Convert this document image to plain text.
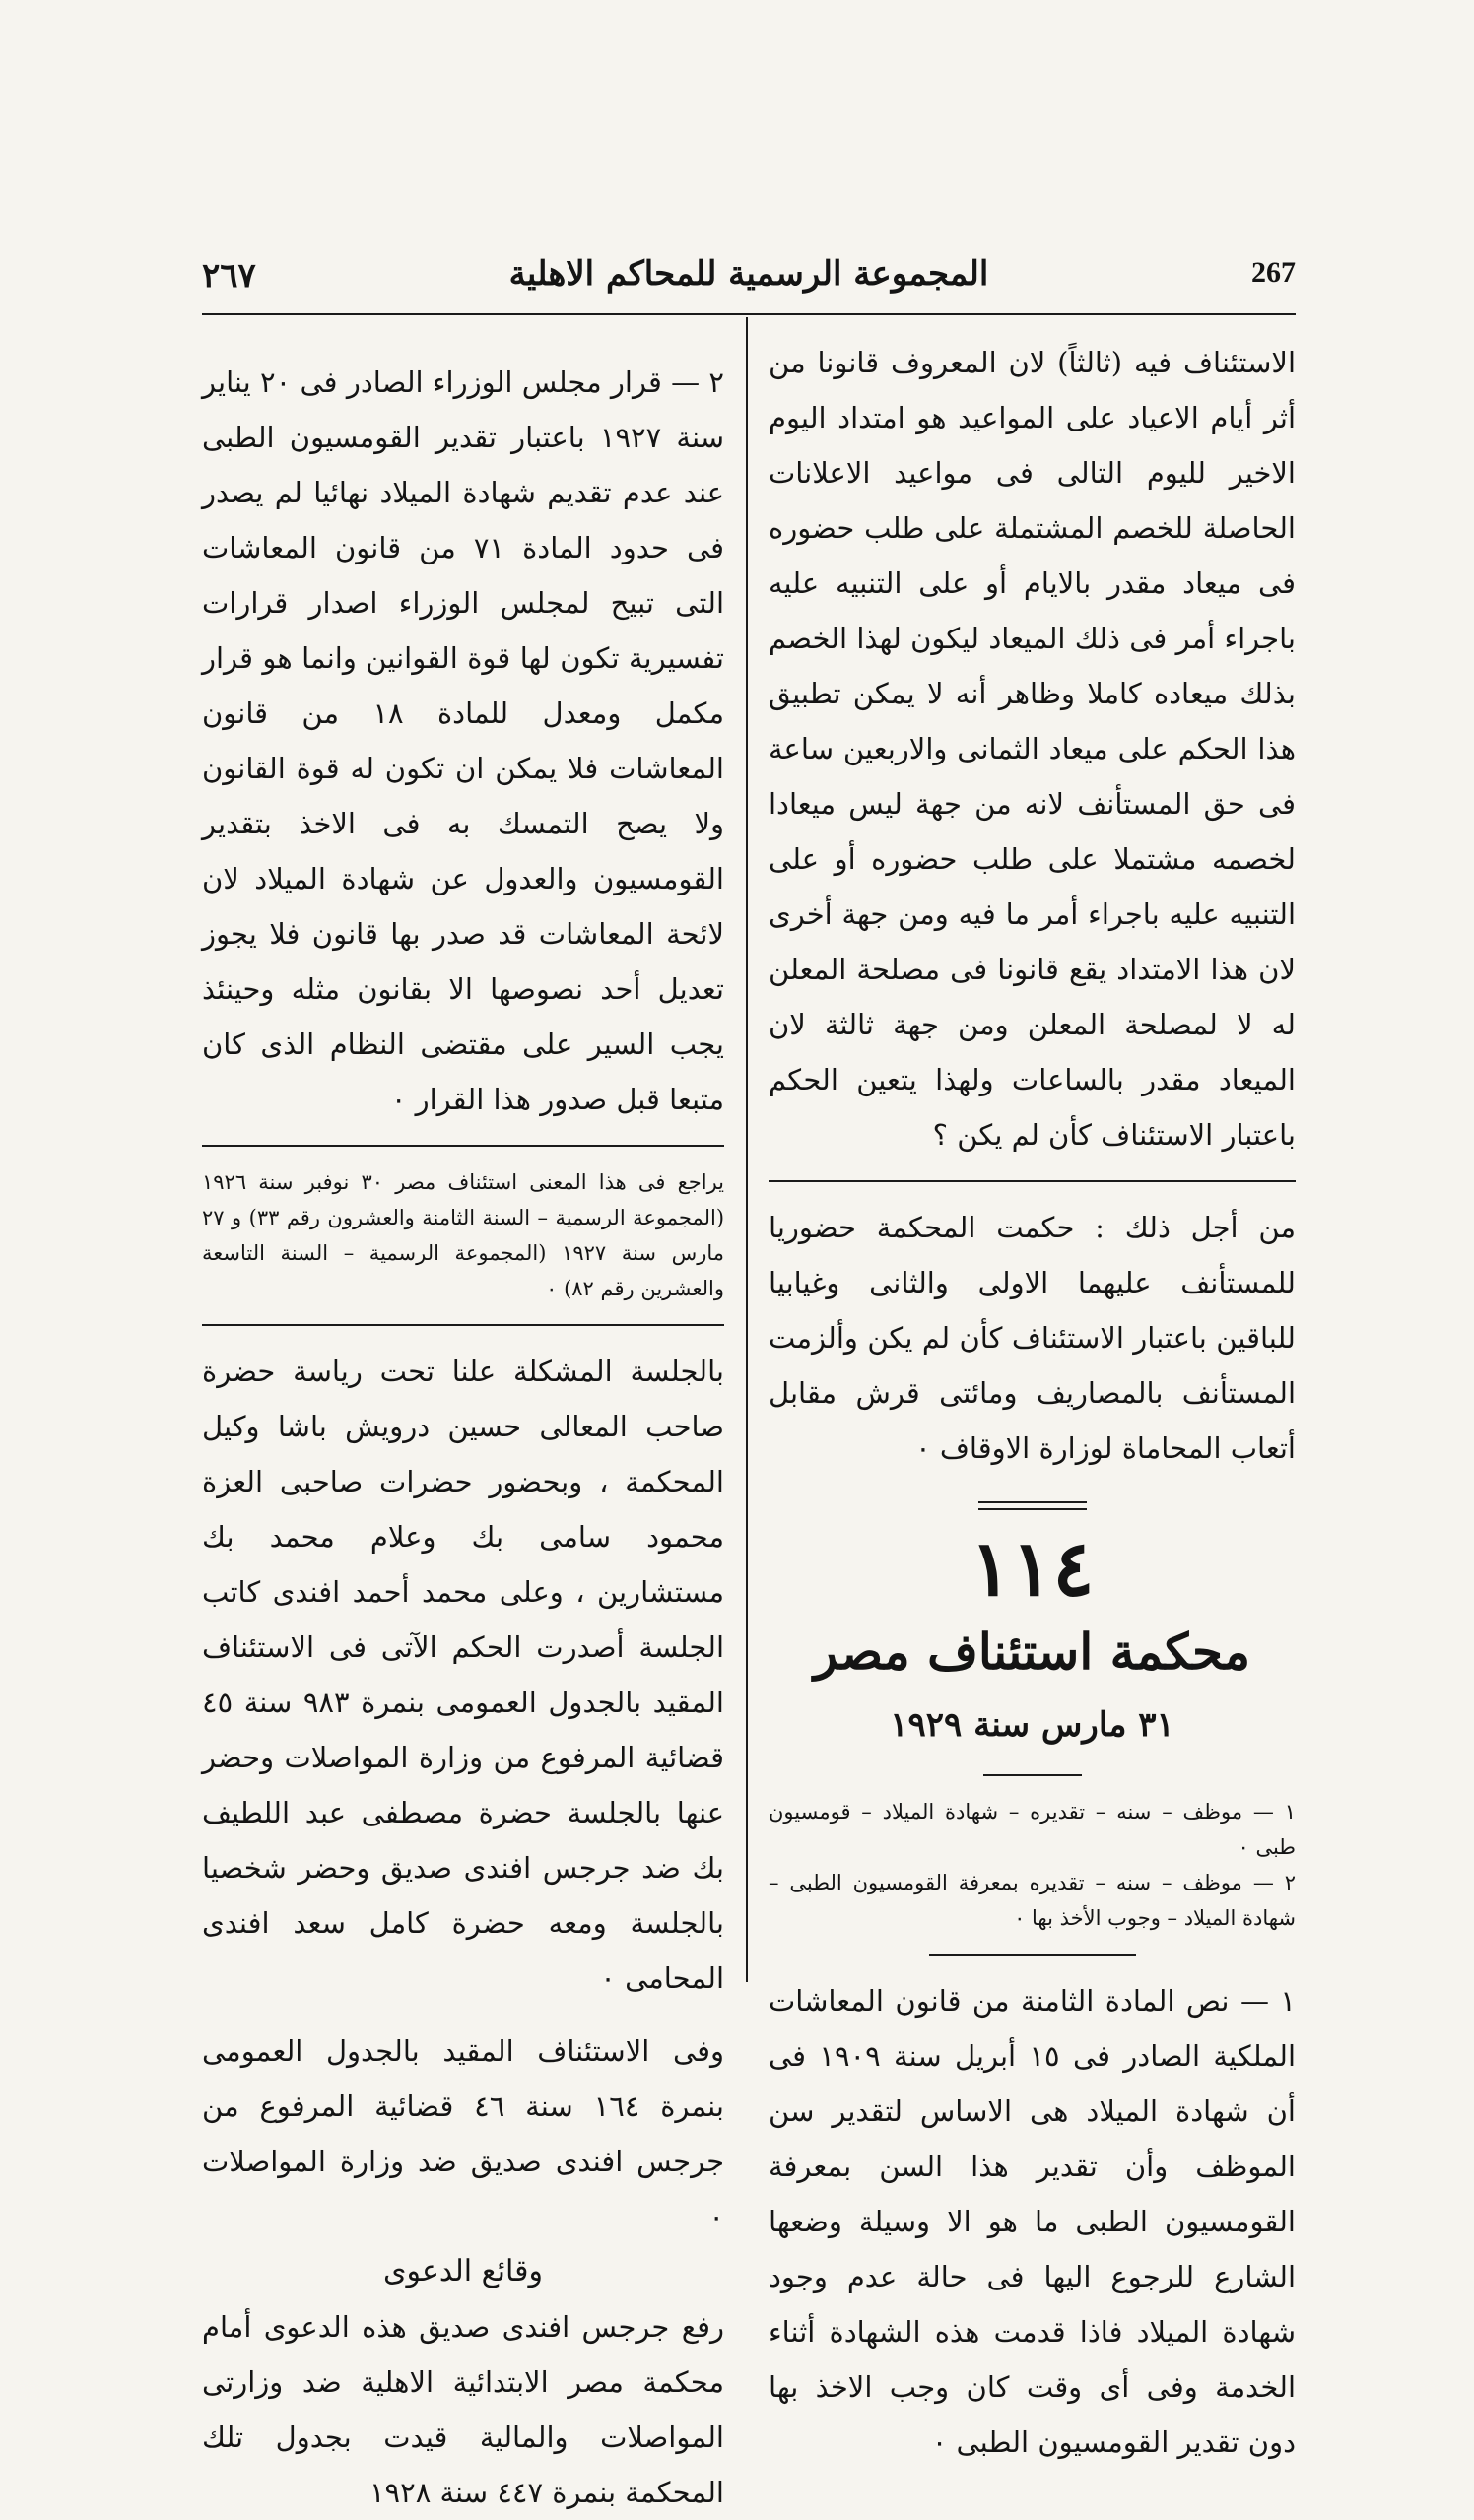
٢٦٧	المجموعة الرسمية للمحاكم الاهلية	267

الاستئناف فيه (ثالثاً) لان المعروف قانونا من أثر أيام الاعياد على المواعيد هو امتداد اليوم الاخير لليوم التالى فى مواعيد الاعلانات الحاصلة للخصم المشتملة على طلب حضوره فى ميعاد مقدر بالايام أو على التنبيه عليه باجراء أمر فى ذلك الميعاد ليكون لهذا الخصم بذلك ميعاده كاملا وظاهر أنه لا يمكن تطبيق هذا الحكم على ميعاد الثمانى والاربعين ساعة فى حق المستأنف لانه من جهة ليس ميعادا لخصمه مشتملا على طلب حضوره أو على التنبيه عليه باجراء أمر ما فيه ومن جهة أخرى لان هذا الامتداد يقع قانونا فى مصلحة المعلن له لا لمصلحة المعلن ومن جهة ثالثة لان الميعاد مقدر بالساعات ولهذا يتعين الحكم باعتبار الاستئناف كأن لم يكن ؟

من أجل ذلك : حكمت المحكمة حضوريا للمستأنف عليهما الاولى والثانى وغيابيا للباقين باعتبار الاستئناف كأن لم يكن وألزمت المستأنف بالمصاريف ومائتى قرش مقابل أتعاب المحاماة لوزارة الاوقاف ٠

١١٤
محكمة استئناف مصر
٣١ مارس سنة ١٩٢٩

١ — موظف – سنه – تقديره – شهادة الميلاد – قومسيون طبى ٠

٢ — موظف – سنه – تقديره بمعرفة القومسيون الطبى – شهادة الميلاد – وجوب الأخذ بها ٠

١ — نص المادة الثامنة من قانون المعاشات الملكية الصادر فى ١٥ أبريل سنة ١٩٠٩ فى أن شهادة الميلاد هى الاساس لتقدير سن الموظف وأن تقدير هذا السن بمعرفة القومسيون الطبى ما هو الا وسيلة وضعها الشارع للرجوع اليها فى حالة عدم وجود شهادة الميلاد فاذا قدمت هذه الشهادة أثناء الخدمة وفى أى وقت كان وجب الاخذ بها دون تقدير القومسيون الطبى ٠

٢ — قرار مجلس الوزراء الصادر فى ٢٠ يناير سنة ١٩٢٧ باعتبار تقدير القومسيون الطبى عند عدم تقديم شهادة الميلاد نهائيا لم يصدر فى حدود المادة ٧١ من قانون المعاشات التى تبيح لمجلس الوزراء اصدار قرارات تفسيرية تكون لها قوة القوانين وانما هو قرار مكمل ومعدل للمادة ١٨ من قانون المعاشات فلا يمكن ان تكون له قوة القانون ولا يصح التمسك به فى الاخذ بتقدير القومسيون والعدول عن شهادة الميلاد لان لائحة المعاشات قد صدر بها قانون فلا يجوز تعديل أحد نصوصها الا بقانون مثله وحينئذ يجب السير على مقتضى النظام الذى كان متبعا قبل صدور هذا القرار ٠

يراجع فى هذا المعنى استئناف مصر ٣٠ نوفبر سنة ١٩٢٦ (المجموعة الرسمية – السنة الثامنة والعشرون رقم ٣٣) و ٢٧ مارس سنة ١٩٢٧ (المجموعة الرسمية – السنة التاسعة والعشرين رقم ٨٢) ٠

بالجلسة المشكلة علنا تحت رياسة حضرة صاحب المعالى حسين درويش باشا وكيل المحكمة ، وبحضور حضرات صاحبى العزة محمود سامى بك وعلام محمد بك مستشارين ، وعلى محمد أحمد افندى كاتب الجلسة أصدرت الحكم الآتى فى الاستئناف المقيد بالجدول العمومى بنمرة ٩٨٣ سنة ٤٥ قضائية المرفوع من وزارة المواصلات وحضر عنها بالجلسة حضرة مصطفى عبد اللطيف بك ضد جرجس افندى صديق وحضر شخصيا بالجلسة ومعه حضرة كامل سعد افندى المحامى ٠

وفى الاستئناف المقيد بالجدول العمومى بنمرة ١٦٤ سنة ٤٦ قضائية المرفوع من جرجس افندى صديق ضد وزارة المواصلات ٠

وقائع الدعوى

رفع جرجس افندى صديق هذه الدعوى أمام محكمة مصر الابتدائية الاهلية ضد وزارتى المواصلات والمالية قيدت بجدول تلك المحكمة بنمرة ٤٤٧ سنة ١٩٢٨
